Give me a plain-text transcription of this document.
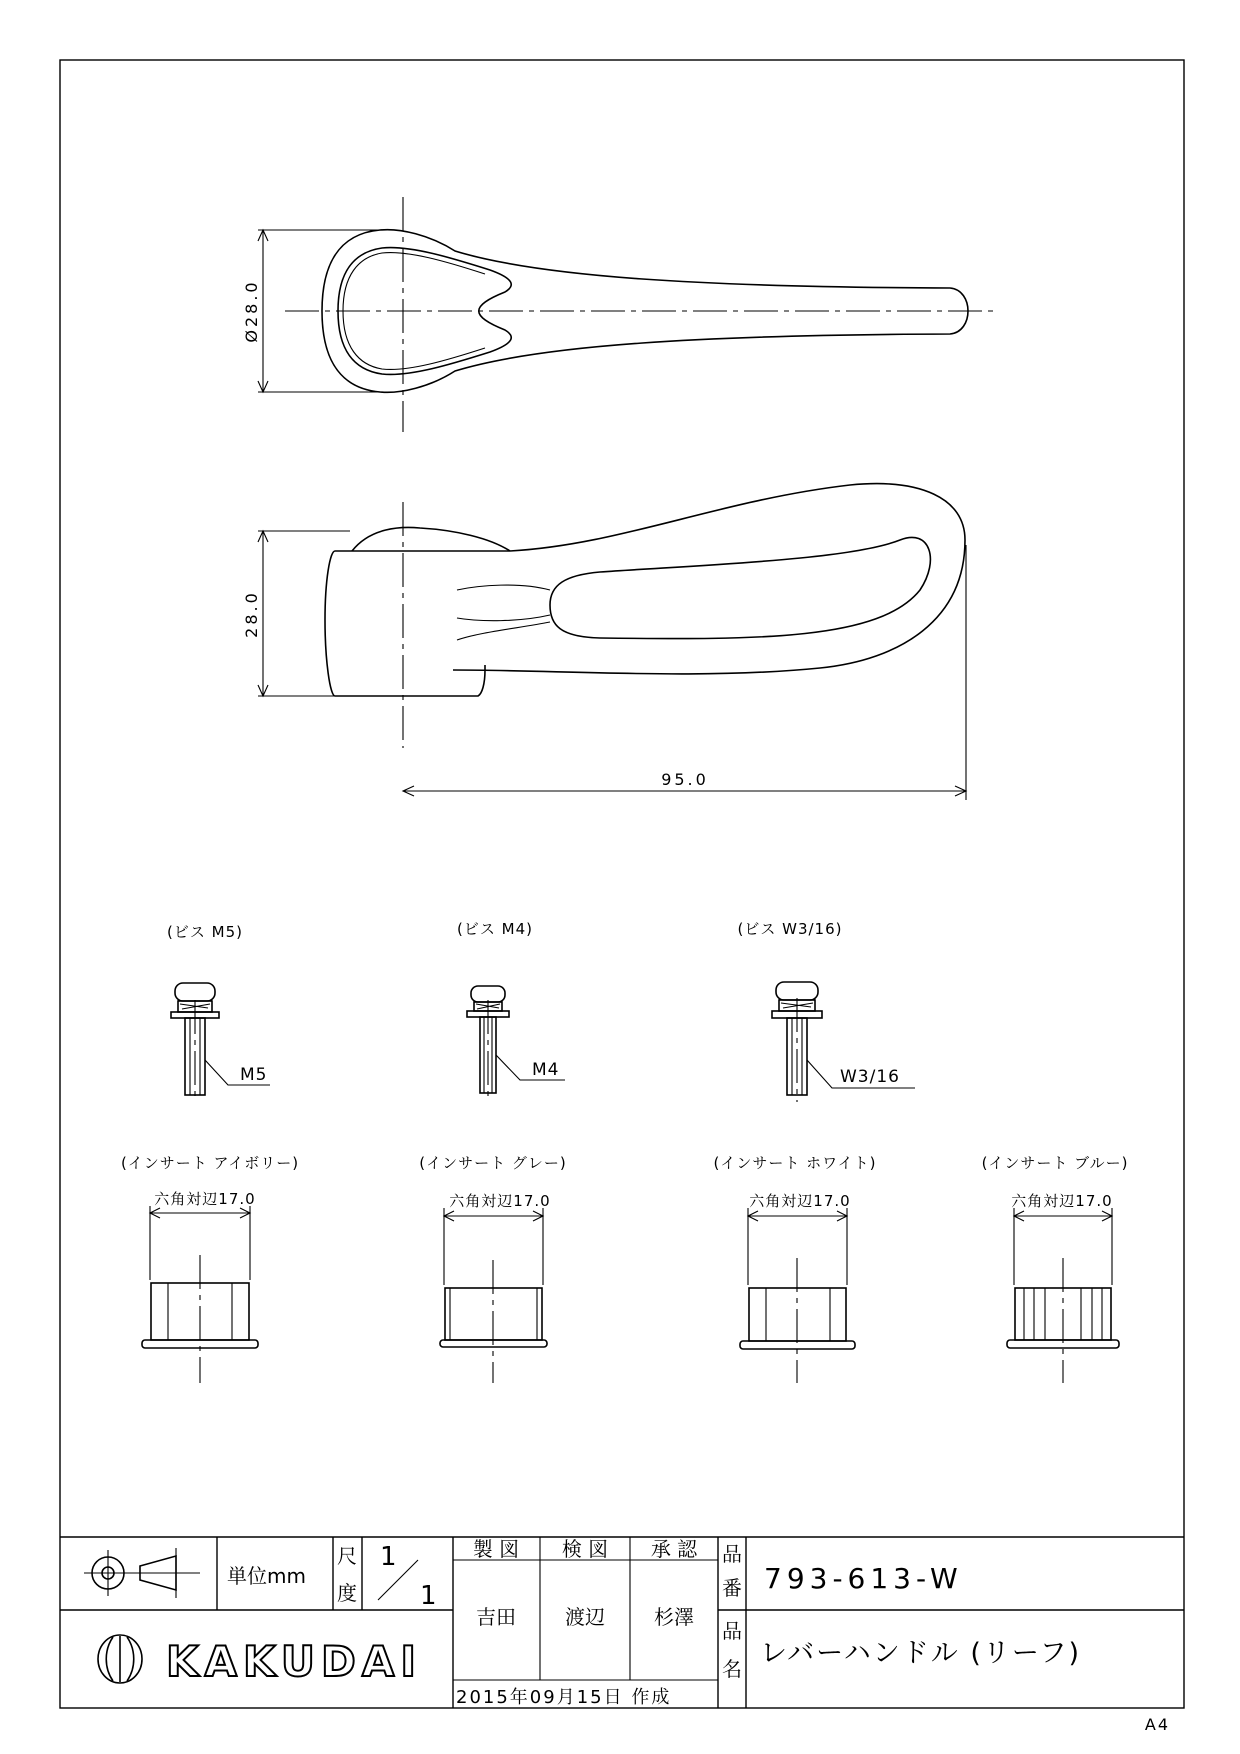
Ø28.0
28.0
95.0
(ビス M5)
M5
(ビス M4)
M4
(ビス W3/16)
W3/16
(インサート アイボリー)
六角対辺17.0
(インサート グレー)
六角対辺17.0
(インサート ホワイト)
六角対辺17.0
(インサート ブルー)
六角対辺17.0
単位mm
尺
度
1
1
製 図 検 図 承 認
吉田 渡辺 杉澤
品
番 793-613-W
品
名 レバーハンドル (リーフ)
KAKUDAI
2015年09月15日 作成
A4
